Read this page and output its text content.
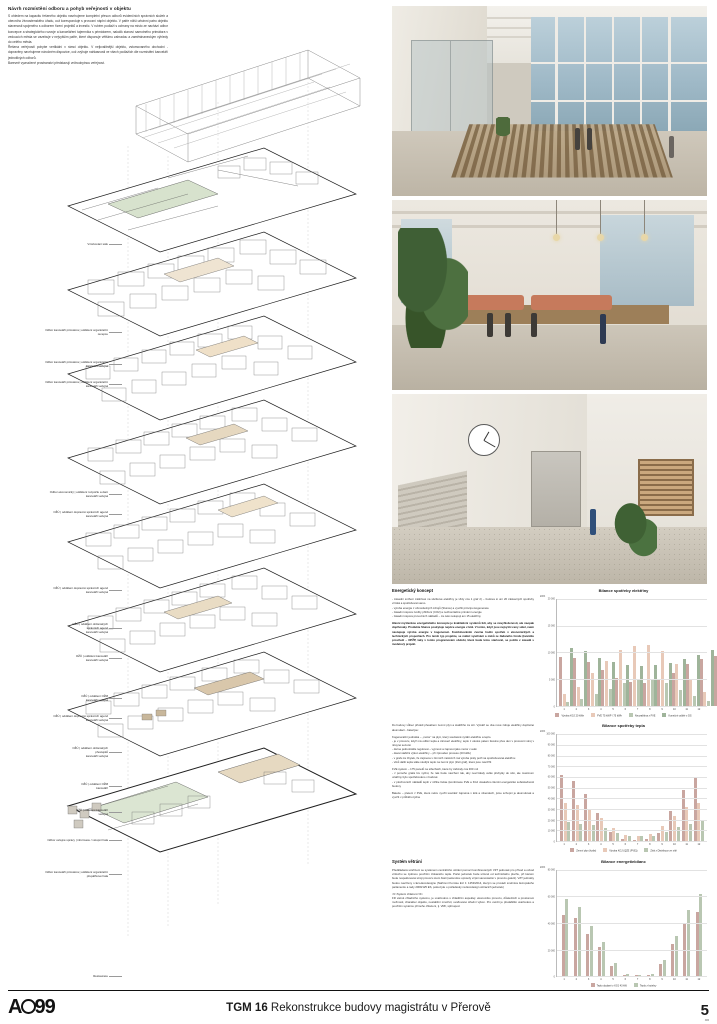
Návrh rozmístění odboru a pohyb veřejnosti v objektu
S ohledem na kapacitu řešeného objektu navrhujeme kompletní přesun odborů evidenčních správních služeb a obecního živnostenského úřadu, což koresponduje s provozní náplní objektu. V patře nižší urbánní patro objektu stavenosti spojeného s odborem řízení projektů a investic. V rubém podlaží s ochrany na místo ze nachází odbor koncepce a strategického rozvoje a kanceláření tajemníka s primátorem, nakolik stanoví samotného primátora v vedoucích města se vazebuje v nejvyšším patře, které disponuje většímu zahradou a zaměstnaneckým výhledy do celého města.
Řešena veřejnosti pohybe vertikální v rámci objektu. V nejkvalitnější objektu, vstomovaného obchodní - dopravěny navrhujeme náročném dispozice, což zvýhuje nahlasnosti ve všech podlažích dle rozmístění kanceláří jednotlivých odborů.
Barevně vyznačené prostranství představují vnitroobytnou veřejnost.
Vzorkování sálu
Odbor kanceláří primátora | oddělení organizační
recepce
Odbor kanceláří primátora | oddělení organizační
kanceláří veřejná
Odbor kanceláří primátora | oddělení organizační
kanceláří veřejná
Odbor ekonomický | oddělení rozpočtu a daní
kanceláří veřejná
OŽÚ | oddělení dopravně správních agend
kanceláří veřejná
OŽÚ | oddělení dopravně správních agend
kanceláří veřejná
OŽÚ | oddělení občanských
správních agend
kanceláří veřejná
OŽÚ | oddělení kanceláří
kanceláří veřejná
OŽÚ | oddělení OŽM
kanceláří veřejná
OŽÚ | oddělení dopravně správních agend
kanceláří veřejná
OŽÚ | oddělení občanských
přestupků
kanceláří veřejná
OŽÚ | oddělení OŽM
kanceláří
OŽÚ | oddělení kanceláří
veřejná
Odbor veřejné správy | informace / vstupní hala
Odbor kanceláří primátora | oddělení organizační
přepážkové hala
Restaurace
Energetický koncept

- zásadní snížení zátěžové na sluňkové elektřiny je vždy cca 1 graf 2) – budova si uní 20 zástavných spotřeby vzniká a spotřebovat samo.
- výroba energie z obnovitelných zdrojů (Slunce) a využití principu kogenerace
- zásadní úspora zvolby přitížení (CO2) a nezbonítačné primární energie
- zásadní úspora provozních nákladů – za celé nekupuji am 15 elektřiny

Hlavní myšlenkou energetického konceptu je kvalitativní systémů lidí, aby se navyhloženosti, ale naopak doplňovaly. Produkte Slunce poskytuje nejvíce energie v létě. V tomto, když jsou nejvyšší ceny sídel, raém nastupuje výroba energie v kogeneraci. Kombinováním zvarna hodin spotřeb v ekonomických a technických propočtach. Pro lemši typ projektu, se nabízí využívání a zisků ze žádaného fondu (kvantitu prostředí – OPŽP, taky v tomto programovém období, které bude letos startovat, se počítá v zásadě s modelový projekt.

Bilance spotřeby elektřiny
kWh
20 000
15 000
10 000
5 000
0
1	2	3	4	5	6	7	8	9	10	11	12
Výroba KGJ 20 kWe	FVE 75 kWP / 75 kWh	Neuzažitina z FVE	Konečné odběr z DS

Do budovy vůbec přivádí přesahem zemní plyn a statilčího za sítí. Vytváří se dva nové zdroje elektřiny doplněné akumulací - baterijou:

Kogenerační jednotka – „motor“ na plyn, který současně vyrábí elektřinu a teplo.
- je v provozu, když má odběr tepla a zároveň elektřiny, teplo z okolos palem tkoviné přes den v prosvorni stroj v nitoyné sezoně
- dal se jednotnášle regulovat – vypnout a zapnout jako motor v autě
- davaí stabilní výkon elektřiny – při zprouden procesu (20 kWe)
- v grafu za zbytek, že zajmena v zimních měsících má výroba práty potři na spotřebovaná elektřinu
- vlivů další tepla stále studijní teplo na zemní plyn (třetí graf), které jsou navržžit

FVE systém – 175 panelů na střechách, které by zabíraly cca 300 m2
- z pomého gratis lze vyčíst, že nás bude navržení tak, aby nevznikaly velké přebytky do sítě, ale maximum uzatřiny bylo spotřebováno v budově
- v plochovních nákladů lepší v nižšie řazáe (kombinace FVE a KGJ dosáahno šlemší energetické soběstačnosti budovy

Baterie – pletení z FVE, které nelze využít součásť zajména v létě a víkendech, jsme schopni je akumulovat a využít v průběhu týdne

Bilance spotřeby tepla
kWh
100 000
90 000
80 000
70 000
60 000
50 000
40 000
30 000
20 000
10 000
0
1	2	3	4	5	6	7	8	9	10	11	12
Zemní plyn (kotle)	Výroba KGJ (QZE (FVE))	Zisk z Distribuce ze sítě
Systém větrání

Předkládaná uzařízení se systémem centrálního větrání pomocí kombinovaných VZT jednotek pro přívod a odvod vzduchu se zpětnou použítím získaného tepla. Počet jednotek bude určeně od technického plochu, při kterém bude respektovaná stroji provozu stoni části (sekundou opravdy vzpěí samostatně v provozu galerii). VZT jednotky budou navrženy s Eco-Ecodesignu (Nařízení Komise EU č. 1253/2014, kterým se provádí směrnice Evropského parlamentu a rady 2009/125 ES, pokud jde o požadavky na Ecodesign větracích jednotek)

<b>Systém chlazení</b>
FR vácně chladícího systému, je uvažováno s chladičím aspektej: ekonomiko provozu, důsledních a prostorové možnosti, charakter objektu, nestabilní množstí, uvažované střední výkon. Pro ovězit je předabilitě uvažováno a použítím systému přímého chlazení, tj. VRF, split apod.

Bilance energetiebilanc
kWh
80 000
60 000
40 000
20 000
0
1	2	3	4	5	6	7	8	9	10	11	12
Teplo dodané z KGJ 43 kW	Teplo z kotelny
A 99	TGM 16 Rekonstrukce budovy magistrátu v Přerově	5
/06
